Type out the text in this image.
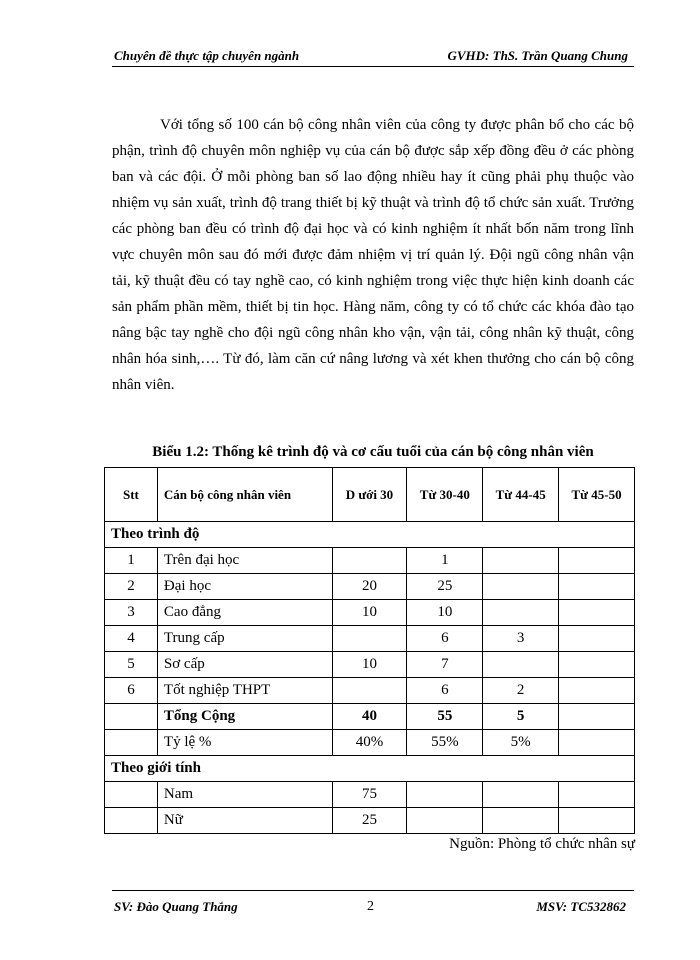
Chuyên đề thực tập chuyên ngành	GVHD: ThS. Trần Quang Chung

Với tổng số 100 cán bộ công nhân viên của công ty được phân bổ cho các bộ phận, trình độ chuyên môn nghiệp vụ của cán bộ được sắp xếp đồng đều ở các phòng ban và các đội. Ở mỗi phòng ban số lao động nhiều hay ít cũng phải phụ thuộc vào nhiệm vụ sản xuất, trình độ trang thiết bị kỹ thuật và trình độ tổ chức sản xuất. Trưởng các phòng ban đều có trình độ đại học và có kinh nghiệm ít nhất bốn năm trong lĩnh vực chuyên môn sau đó mới được đảm nhiệm vị trí quản lý. Đội ngũ công nhân vận tải, kỹ thuật đều có tay nghề cao, có kinh nghiệm trong việc thực hiện kinh doanh các sản phẩm phần mềm, thiết bị tin học. Hàng năm, công ty có tổ chức các khóa đào tạo nâng bậc tay nghề cho đội ngũ công nhân kho vận, vận tải, công nhân kỹ thuật, công nhân hóa sinh,…. Từ đó, làm căn cứ nâng lương và xét khen thưởng cho cán bộ công nhân viên.

Biểu 1.2: Thống kê trình độ và cơ cấu tuổi của cán bộ công nhân viên
Stt	Cán bộ công nhân viên	D ưới 30	Từ 30-40	Từ 44-45	Từ 45-50
Theo trình độ					
1	Trên đại học		1		
2	Đại học	20	25		
3	Cao đẳng	10	10		
4	Trung cấp		6	3	
5	Sơ cấp	10	7		
6	Tốt nghiệp THPT		6	2	
	Tổng Cộng	40	55	5	
	Tỷ lệ %	40%	55%	5%	
Theo giới tính					
	Nam	75			
	Nữ	25			
Nguồn: Phòng tổ chức nhân sự
SV: Đào Quang Thắng	2	MSV: TC532862
